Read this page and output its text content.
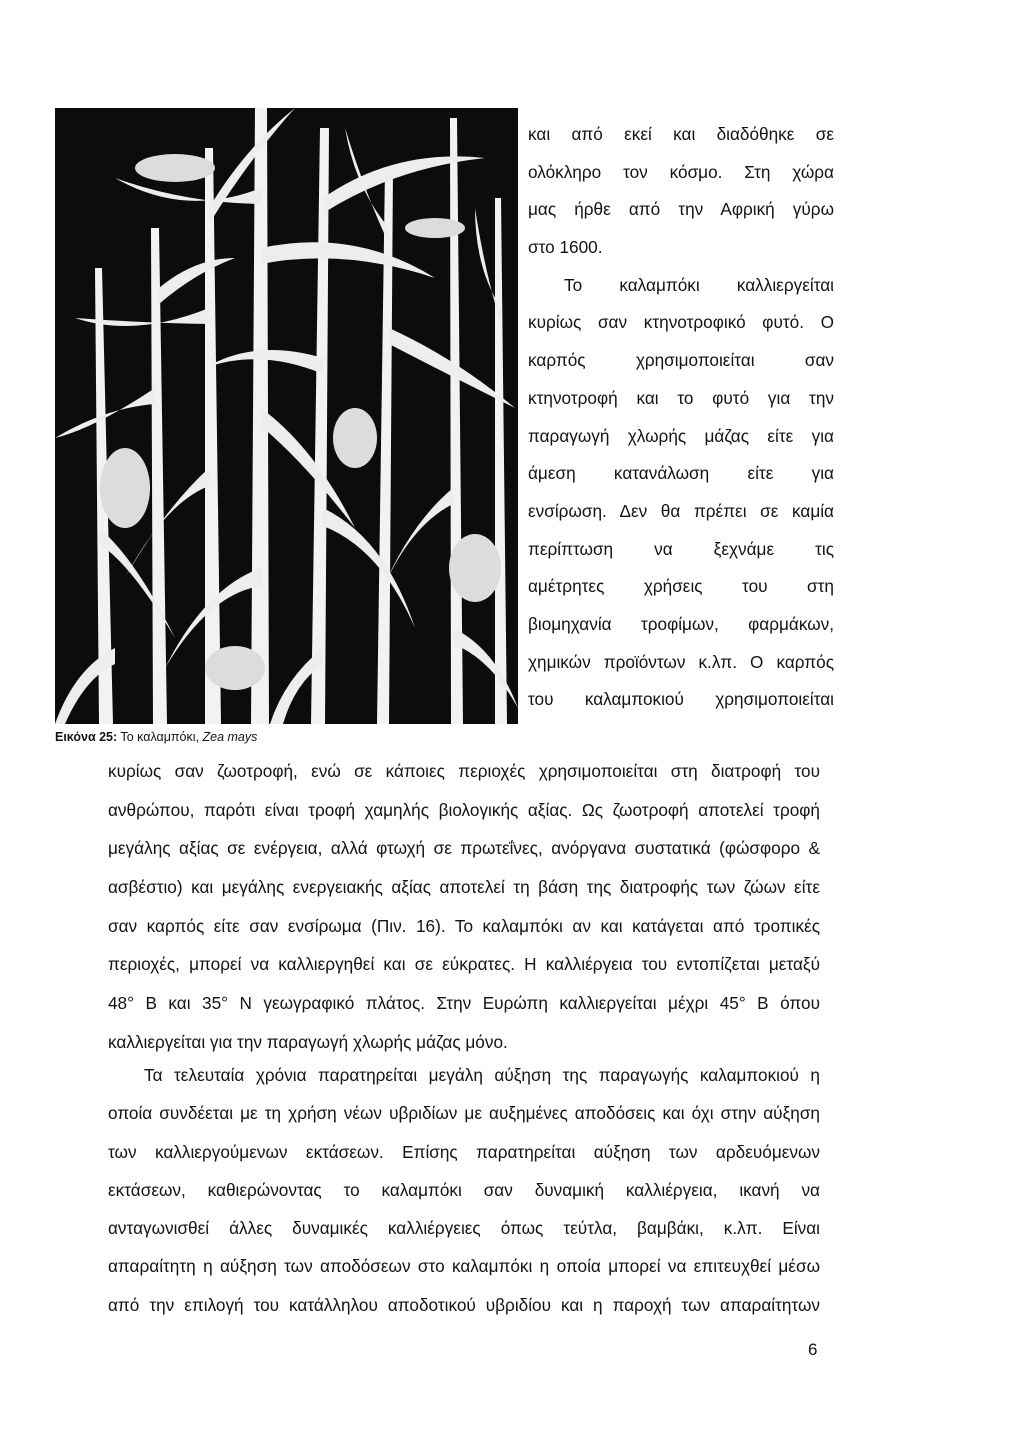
Εικόνα 25: Το καλαμπόκι, Zea mays
και από εκεί και διαδόθηκε σε
ολόκληρο τον κόσμο. Στη χώρα
μας ήρθε από την Αφρική γύρω
στο 1600.
Το καλαμπόκι καλλιεργείται
κυρίως σαν κτηνοτροφικό φυτό. Ο
καρπός χρησιμοποιείται σαν
κτηνοτροφή και το φυτό για την
παραγωγή χλωρής μάζας είτε για
άμεση κατανάλωση είτε για
ενσίρωση. Δεν θα πρέπει σε καμία
περίπτωση να ξεχνάμε τις
αμέτρητες χρήσεις του στη
βιομηχανία τροφίμων, φαρμάκων,
χημικών προϊόντων κ.λπ. Ο καρπός
του καλαμποκιού χρησιμοποιείται
κυρίως σαν ζωοτροφή, ενώ σε κάποιες περιοχές χρησιμοποιείται στη διατροφή του
ανθρώπου, παρότι είναι τροφή χαμηλής βιολογικής αξίας. Ως ζωοτροφή αποτελεί τροφή
μεγάλης αξίας σε ενέργεια, αλλά φτωχή σε πρωτεΐνες, ανόργανα συστατικά (φώσφορο &
ασβέστιο) και μεγάλης ενεργειακής αξίας αποτελεί τη βάση της διατροφής των ζώων είτε
σαν καρπός είτε σαν ενσίρωμα (Πιν. 16). Το καλαμπόκι αν και κατάγεται από τροπικές
περιοχές, μπορεί να καλλιεργηθεί και σε εύκρατες. Η καλλιέργεια του εντοπίζεται μεταξύ
48° Β και 35° Ν γεωγραφικό πλάτος. Στην Ευρώπη καλλιεργείται μέχρι 45° Β όπου
καλλιεργείται για την παραγωγή χλωρής μάζας μόνο.
Τα τελευταία χρόνια παρατηρείται μεγάλη αύξηση της παραγωγής καλαμποκιού η
οποία συνδέεται με τη χρήση νέων υβριδίων με αυξημένες αποδόσεις και όχι στην αύξηση
των καλλιεργούμενων εκτάσεων. Επίσης παρατηρείται αύξηση των αρδευόμενων
εκτάσεων, καθιερώνοντας το καλαμπόκι σαν δυναμική καλλιέργεια, ικανή να
ανταγωνισθεί άλλες δυναμικές καλλιέργειες όπως τεύτλα, βαμβάκι, κ.λπ. Είναι
απαραίτητη η αύξηση των αποδόσεων στο καλαμπόκι η οποία μπορεί να επιτευχθεί μέσω
από την επιλογή του κατάλληλου αποδοτικού υβριδίου και η παροχή των απαραίτητων
6
